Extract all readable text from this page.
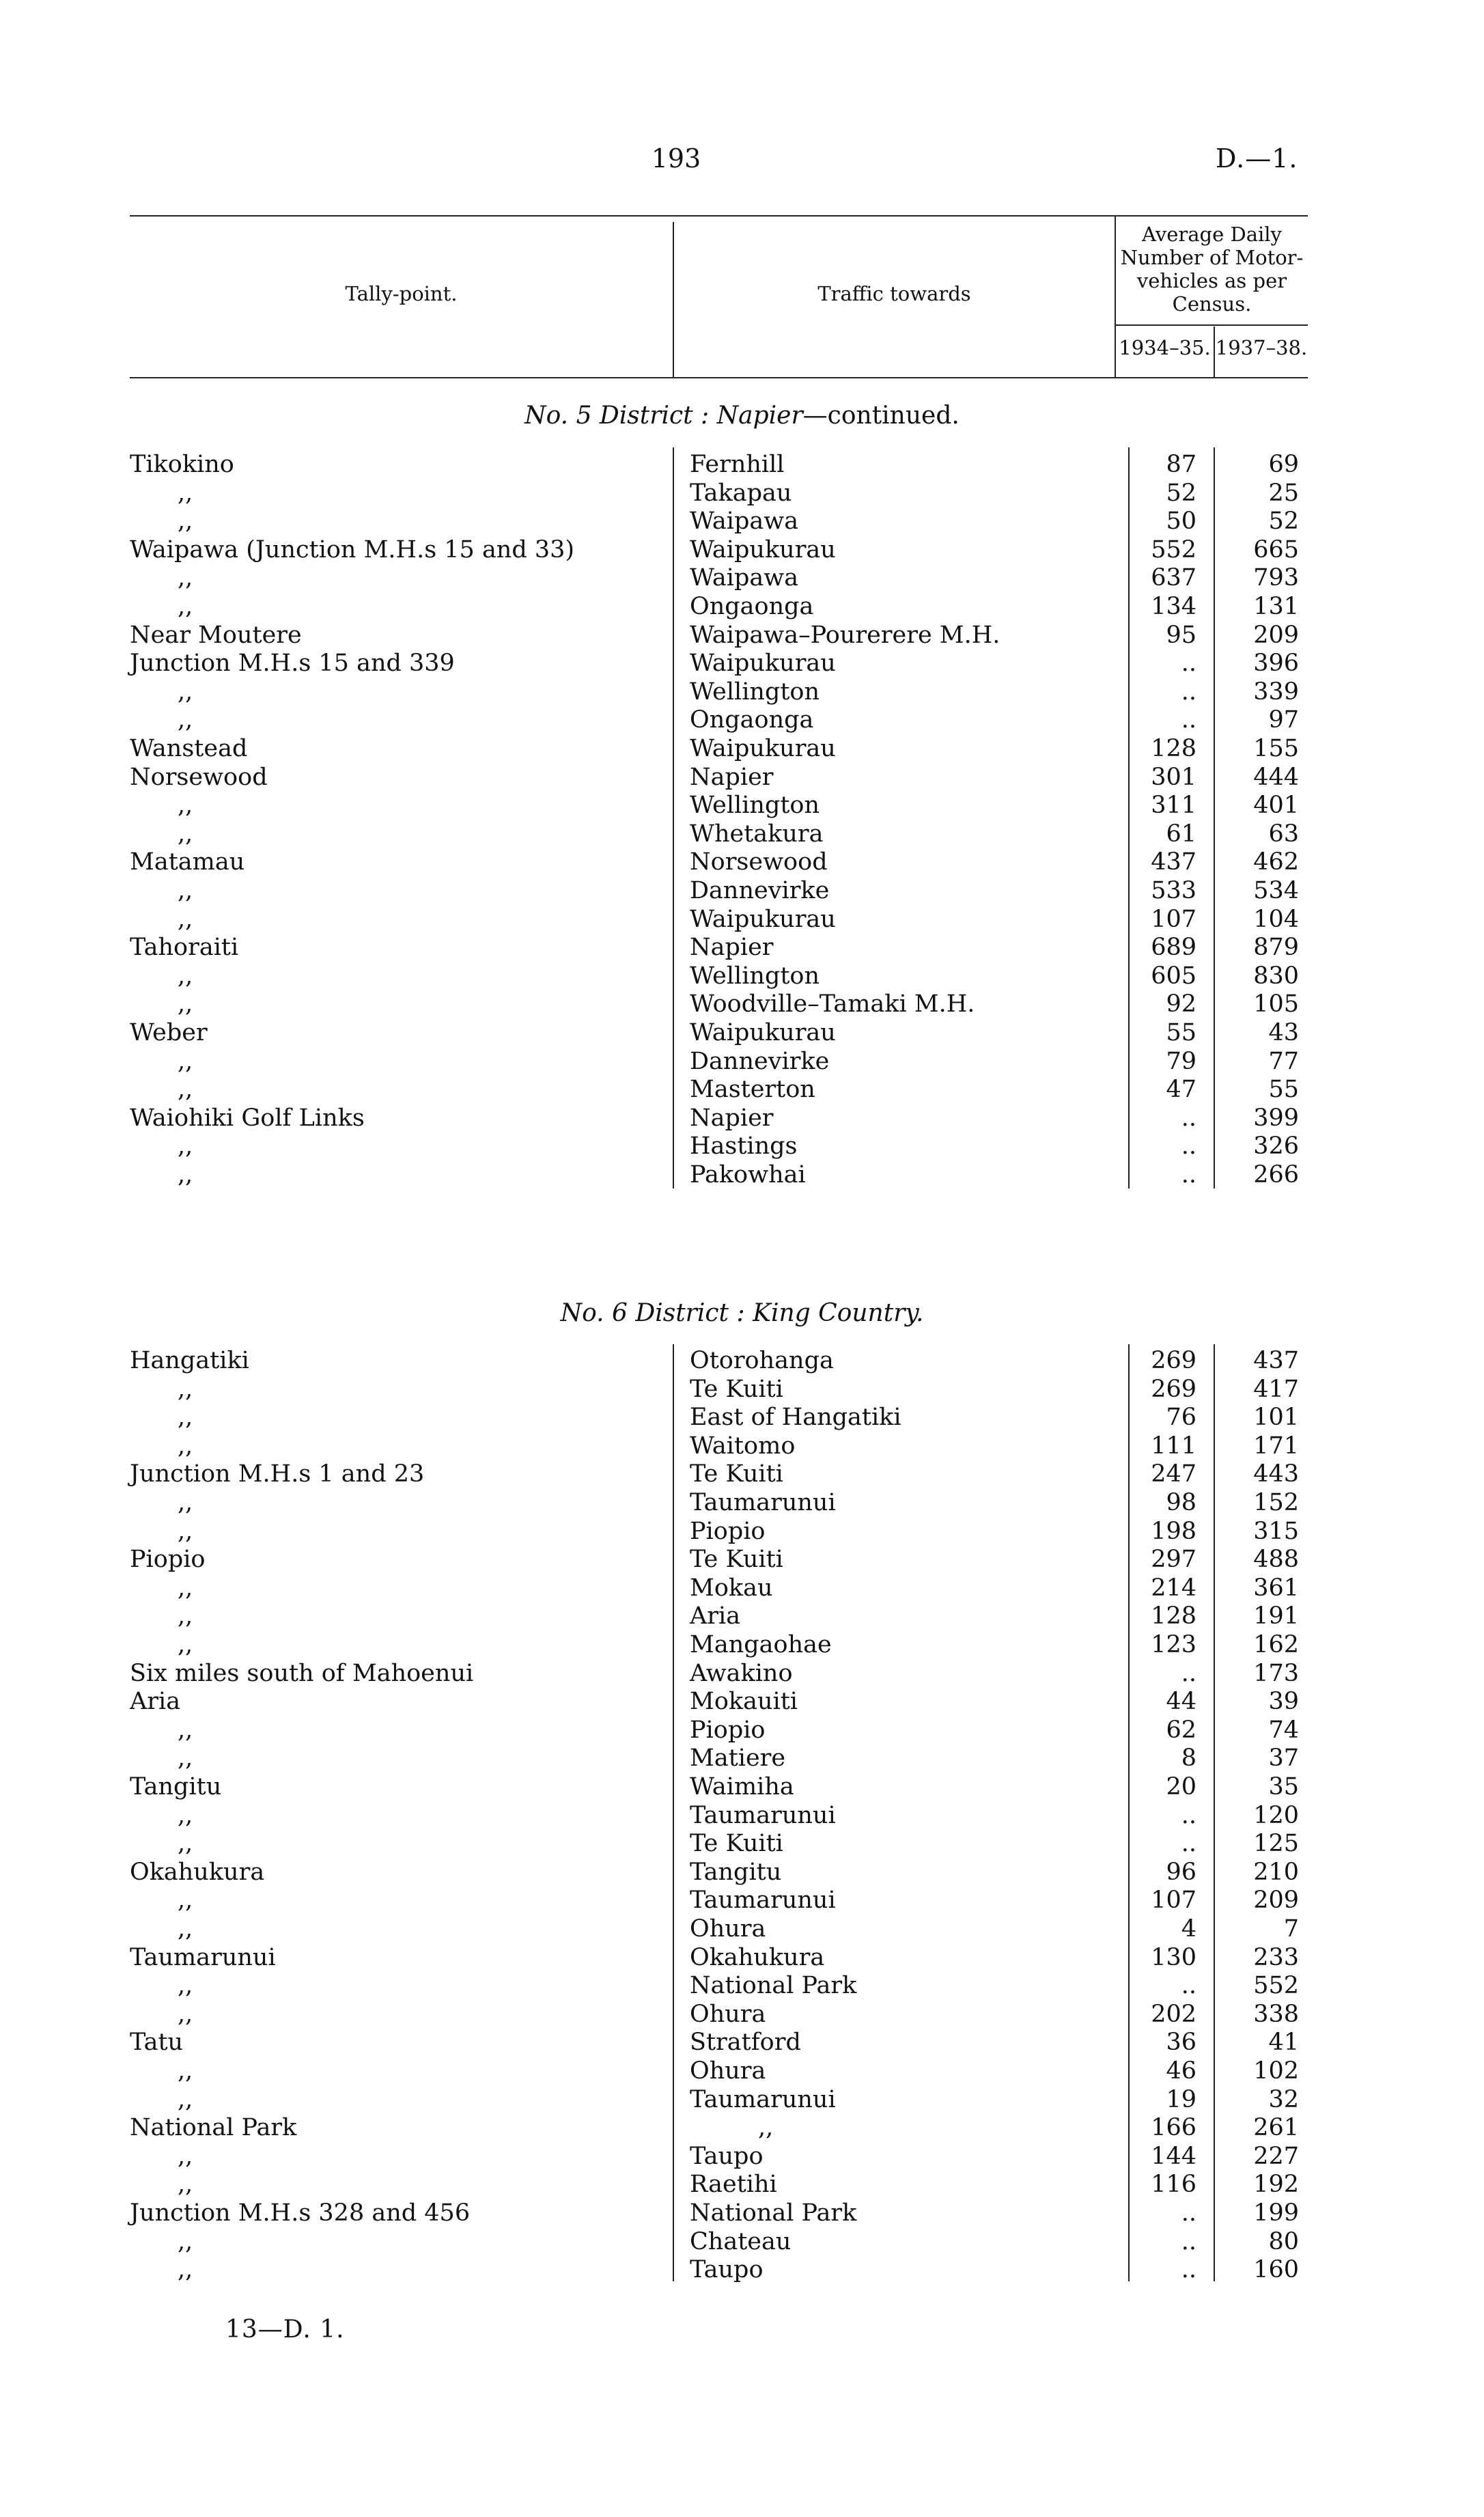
193	D.—1.
Tally-point.	Traffic towards
Average Daily
Number of Motor-
vehicles as per
Census.
1934–35. 1937–38.
No. 5 District : Napier—continued.
Tikokino	Fernhill	87	69
,,	Takapau	52	25
,,	Waipawa	50	52
Waipawa (Junction M.H.s 15 and 33)	Waipukurau	552	665
,,	Waipawa	637	793
,,	Ongaonga	134	131
Near Moutere	Waipawa–Pourerere M.H.	95	209
Junction M.H.s 15 and 339	Waipukurau	..	396
,,	Wellington	..	339
,,	Ongaonga	..	97
Wanstead	Waipukurau	128	155
Norsewood	Napier	301	444
,,	Wellington	311	401
,,	Whetakura	61	63
Matamau	Norsewood	437	462
,,	Dannevirke	533	534
,,	Waipukurau	107	104
Tahoraiti	Napier	689	879
,,	Wellington	605	830
,,	Woodville–Tamaki M.H.	92	105
Weber	Waipukurau	55	43
,,	Dannevirke	79	77
,,	Masterton	47	55
Waiohiki Golf Links	Napier	..	399
,,	Hastings	..	326
,,	Pakowhai	..	266
No. 6 District : King Country.
Hangatiki	Otorohanga	269	437
,,	Te Kuiti	269	417
,,	East of Hangatiki	76	101
,,	Waitomo	111	171
Junction M.H.s 1 and 23	Te Kuiti	247	443
,,	Taumarunui	98	152
,,	Piopio	198	315
Piopio	Te Kuiti	297	488
,,	Mokau	214	361
,,	Aria	128	191
,,	Mangaohae	123	162
Six miles south of Mahoenui	Awakino	..	173
Aria	Mokauiti	44	39
,,	Piopio	62	74
,,	Matiere	8	37
Tangitu	Waimiha	20	35
,,	Taumarunui	..	120
,,	Te Kuiti	..	125
Okahukura	Tangitu	96	210
,,	Taumarunui	107	209
,,	Ohura	4	7
Taumarunui	Okahukura	130	233
,,	National Park	..	552
,,	Ohura	202	338
Tatu	Stratford	36	41
,,	Ohura	46	102
,,	Taumarunui	19	32
National Park	,,	166	261
,,	Taupo	144	227
,,	Raetihi	116	192
Junction M.H.s 328 and 456	National Park	..	199
,,	Chateau	..	80
,,	Taupo	..	160
13—D. 1.
